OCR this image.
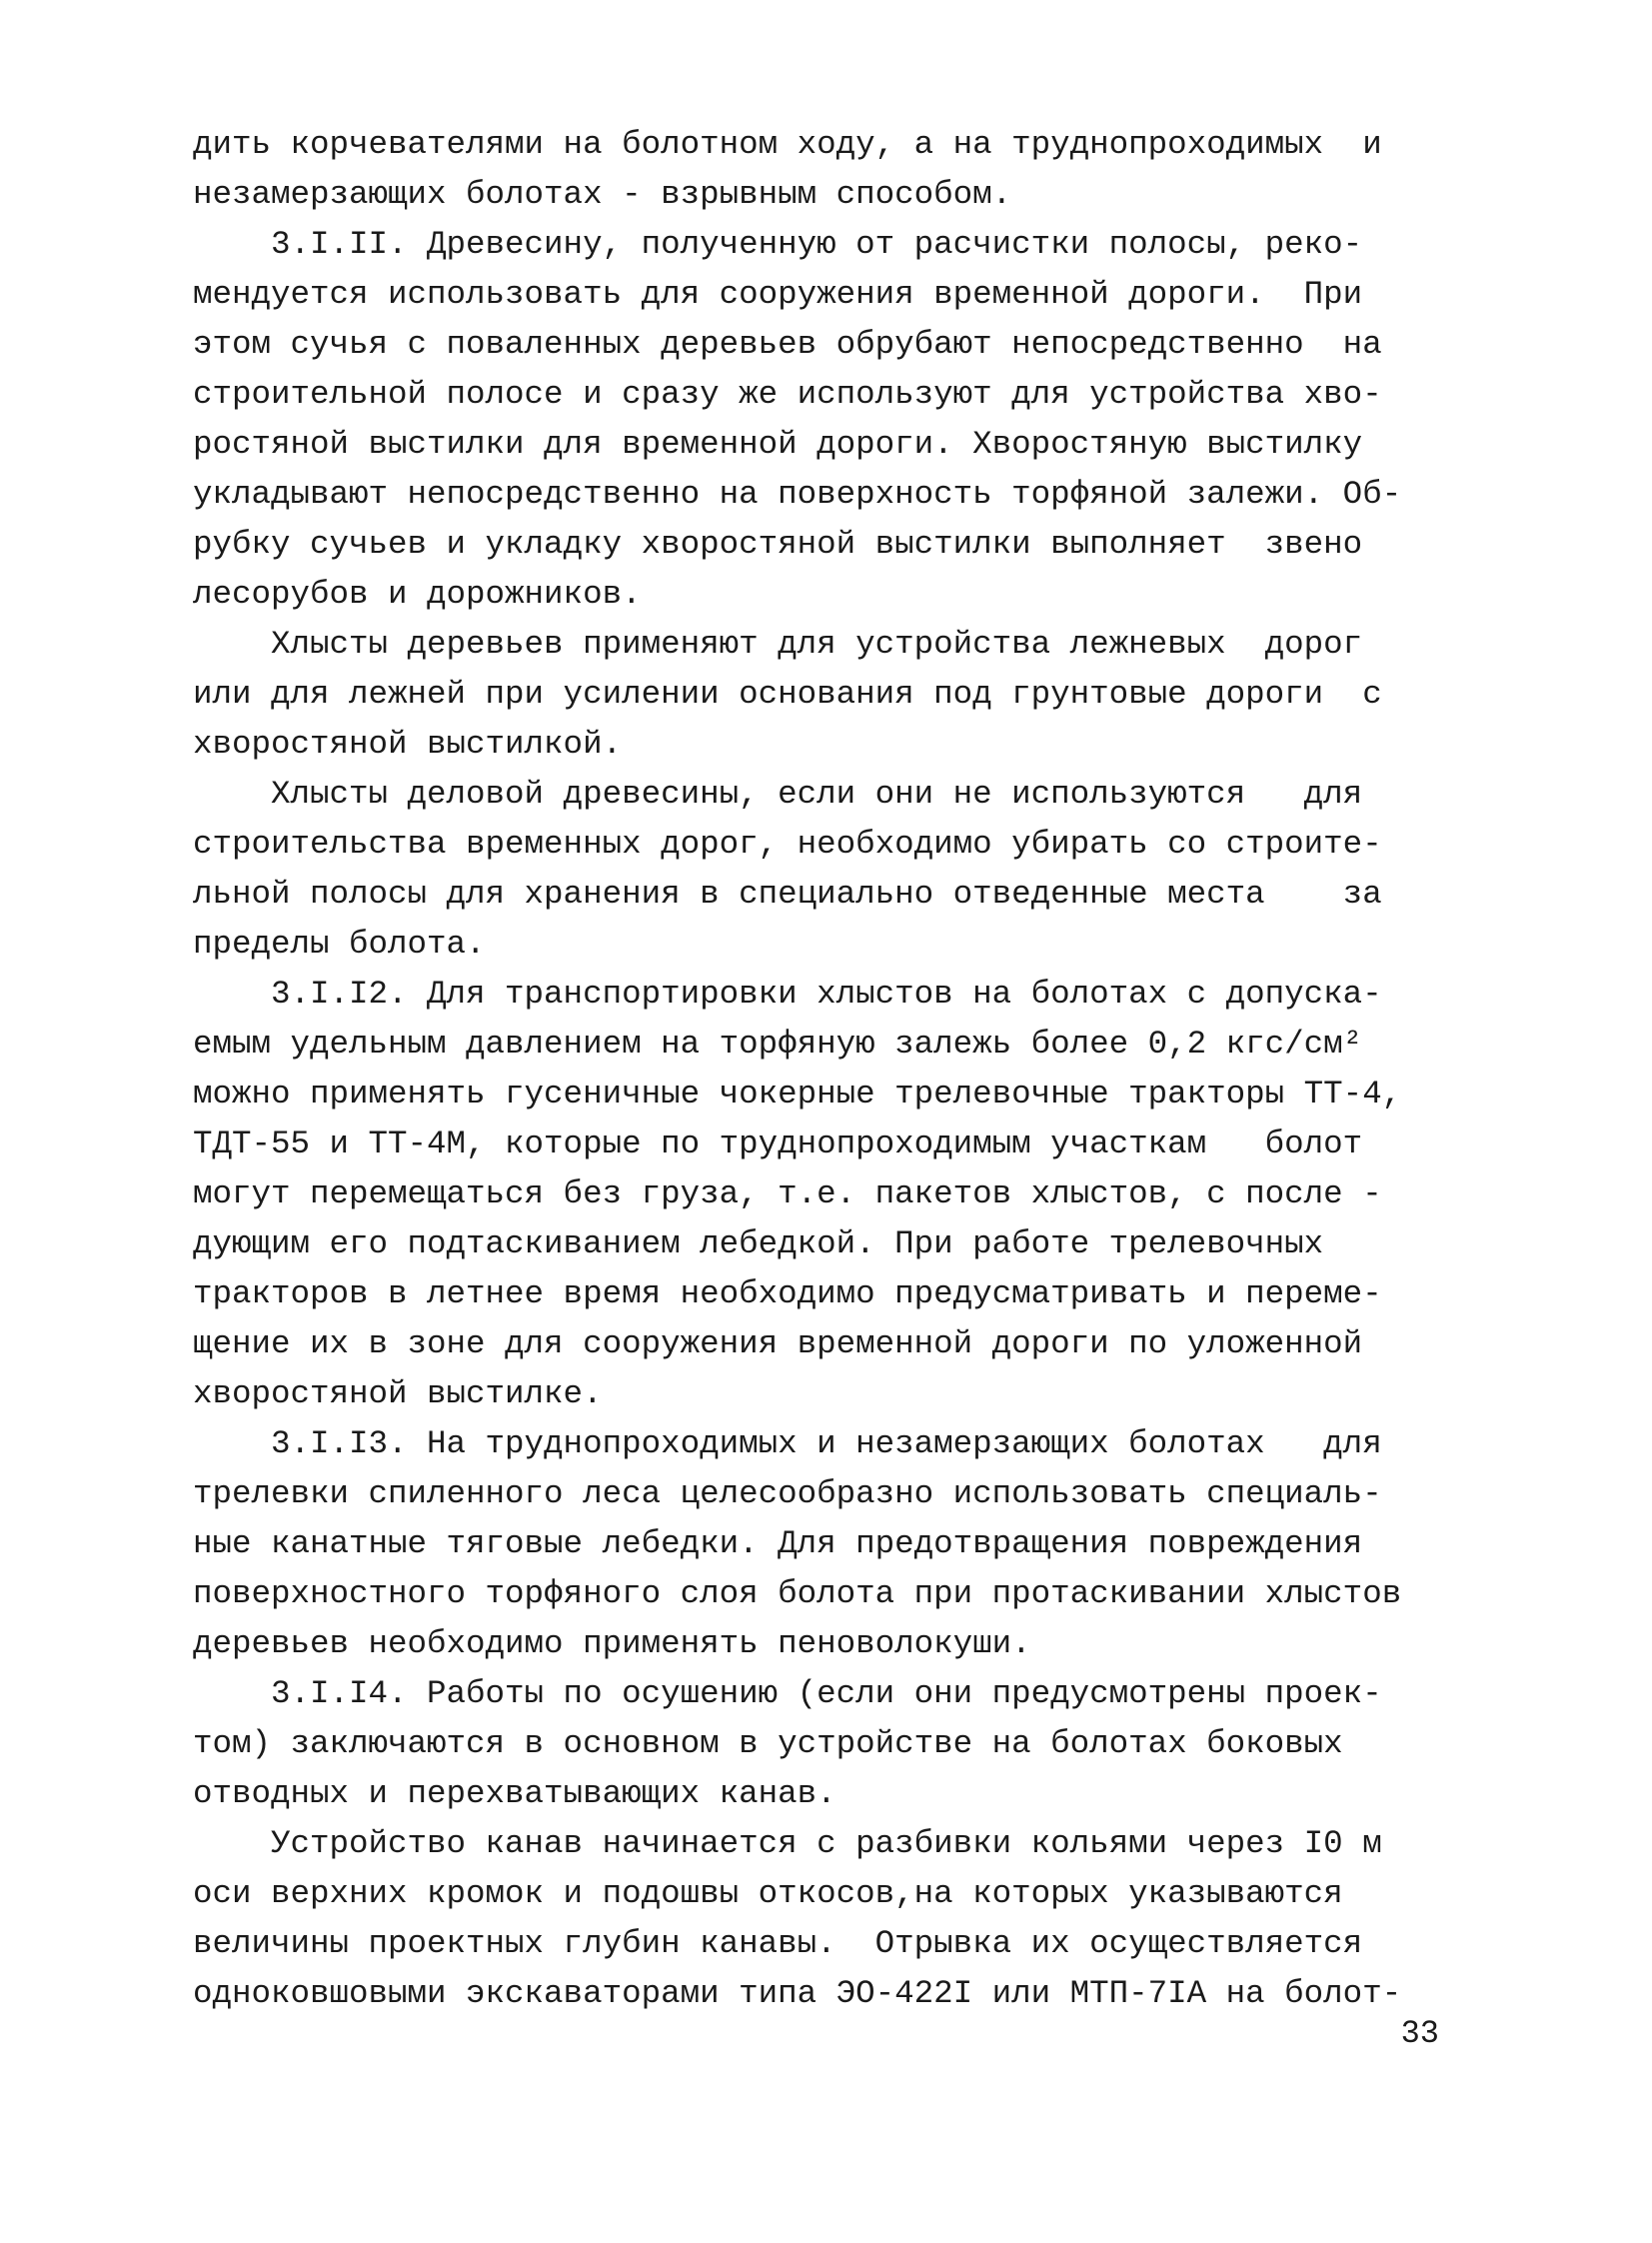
дить корчевателями на болотном ходу, а на труднопроходимых  и
незамерзающих болотах - взрывным способом.
3.I.II. Древесину, полученную от расчистки полосы, реко-
мендуется использовать для сооружения временной дороги.  При
этом сучья с поваленных деревьев обрубают непосредственно  на
строительной полосе и сразу же используют для устройства хво-
ростяной выстилки для временной дороги. Хворостяную выстилку
укладывают непосредственно на поверхность торфяной залежи. Об-
рубку сучьев и укладку хворостяной выстилки выполняет  звено
лесорубов и дорожников.
Хлысты деревьев применяют для устройства лежневых  дорог
или для лежней при усилении основания под грунтовые дороги  с
хворостяной выстилкой.
Хлысты деловой древесины, если они не используются   для
строительства временных дорог, необходимо убирать со строите-
льной полосы для хранения в специально отведенные места    за
пределы болота.
3.I.I2. Для транспортировки хлыстов на болотах с допуска-
емым удельным давлением на торфяную залежь более 0,2 кгс/см²
можно применять гусеничные чокерные трелевочные тракторы ТТ-4,
ТДТ-55 и ТТ-4М, которые по труднопроходимым участкам   болот
могут перемещаться без груза, т.е. пакетов хлыстов, с после -
дующим его подтаскиванием лебедкой. При работе трелевочных
тракторов в летнее время необходимо предусматривать и переме-
щение их в зоне для сооружения временной дороги по уложенной
хворостяной выстилке.
3.I.I3. На труднопроходимых и незамерзающих болотах   для
трелевки спиленного леса целесообразно использовать специаль-
ные канатные тяговые лебедки. Для предотвращения повреждения
поверхностного торфяного слоя болота при протаскивании хлыстов
деревьев необходимо применять пеноволокуши.
3.I.I4. Работы по осушению (если они предусмотрены проек-
том) заключаются в основном в устройстве на болотах боковых
отводных и перехватывающих канав.
Устройство канав начинается с разбивки кольями через I0 м
оси верхних кромок и подошвы откосов,на которых указываются
величины проектных глубин канавы.  Отрывка их осуществляется
одноковшовыми экскаваторами типа ЭО-422I или МТП-7IА на болот-
33
